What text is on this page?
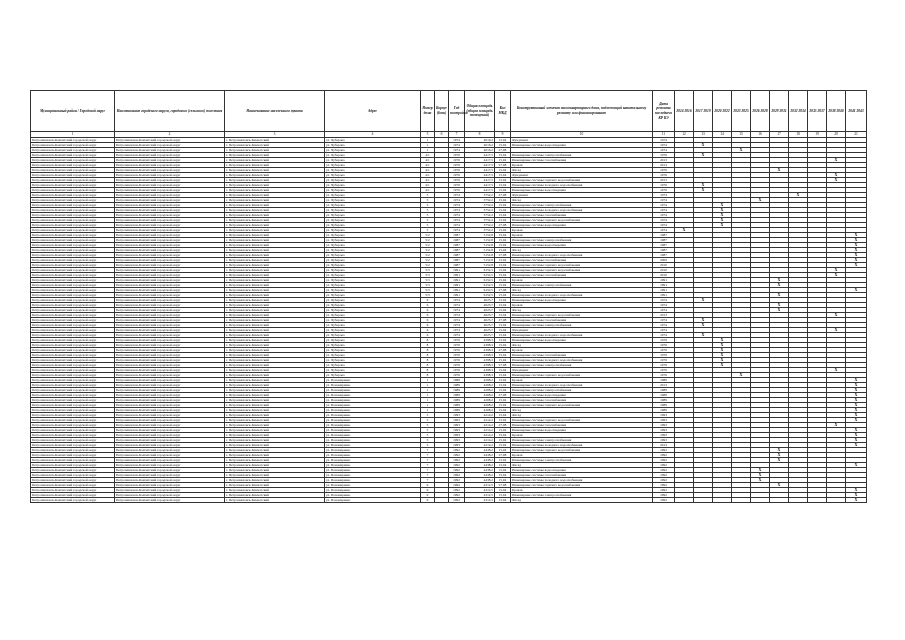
Муниципальный район / Городской округ	Наименование городского округа, городского (сельского) поселения	Наименование населенного пункта	Адрес	Номер дома	Корпус (блок)	Год постройки	Общая площадь (общая площадь помещений)	Кол МКД	Конструктивный элемент многоквартирного дома, подлежащий капитальному ремонту или финансированию	Дата ремонта последнего КР КЭ	2014 2016	2017 2019	2020 2022	2023 2025	2026 2028	2029 2031	2032 2034	2035 2037	2038 2040	2041 2043
1	2	3	4	5	6	7	8	9	10	11	12	13	14	15	16	17	18	19	20	21
Петропавловск-Камчатский городской округ	Петропавловск-Камчатский городской округ	г. Петропавловск-Камчатский	ул. Чубарова	1		1974	4016,2	15,04	Фундамент	1974										
Петропавловск-Камчатский городской округ	Петропавловск-Камчатский городской округ	г. Петропавловск-Камчатский	ул. Чубарова	1		1974	4016,2	15,04	Инженерные системы водоотведения	1974		X								
Петропавловск-Камчатский городской округ	Петропавловск-Камчатский городской округ	г. Петропавловск-Камчатский	ул. Чубарова	1		1974	4016,2	27,08		1974				X						
Петропавловск-Камчатский городской округ	Петропавловск-Камчатский городской округ	г. Петропавловск-Камчатский	ул. Чубарова	4/1		1976	4417,5	15,04	Инженерные системы электроснабжения	1976		X								
Петропавловск-Камчатский городской округ	Петропавловск-Камчатский городской округ	г. Петропавловск-Камчатский	ул. Чубарова	4/1		1976	4417,5	15,04	Инженерные системы газоснабжения	2013									X	
Петропавловск-Камчатский городской округ	Петропавловск-Камчатский городской округ	г. Петропавловск-Камчатский	ул. Чубарова	4/1		1976	4417,5	27,08	Кровля	2013										
Петропавловск-Камчатский городской округ	Петропавловск-Камчатский городской округ	г. Петропавловск-Камчатский	ул. Чубарова	4/1		1976	4417,5	15,04	Фасад	1976						X				
Петропавловск-Камчатский городской округ	Петропавловск-Камчатский городской округ	г. Петропавловск-Камчатский	ул. Чубарова	4/1		1976	4417,5	15,04	Фундамент	1976									X	
Петропавловск-Камчатский городской округ	Петропавловск-Камчатский городской округ	г. Петропавловск-Камчатский	ул. Чубарова	4/1		1976	4417,5	15,04	Инженерные системы горячего водоснабжения	2013									X	
Петропавловск-Камчатский городской округ	Петропавловск-Камчатский городской округ	г. Петропавловск-Камчатский	ул. Чубарова	4/1		1976	4417,5	15,04	Инженерные системы холодного водоснабжения	1976		X								
Петропавловск-Камчатский городской округ	Петропавловск-Камчатский городской округ	г. Петропавловск-Камчатский	ул. Чубарова	4/1		1976	4417,5	15,04	Инженерные системы водоотведения	1976		X								
Петропавловск-Камчатский городской округ	Петропавловск-Камчатский городской округ	г. Петропавловск-Камчатский	ул. Чубарова	5		1974	3752,2	27,08	Фундамент	1974							X			
Петропавловск-Камчатский городской округ	Петропавловск-Камчатский городской округ	г. Петропавловск-Камчатский	ул. Чубарова	5		1974	3752,2	15,04	Фасад	1974					X					
Петропавловск-Камчатский городской округ	Петропавловск-Камчатский городской округ	г. Петропавловск-Камчатский	ул. Чубарова	5		1974	3752,2	15,04	Инженерные системы электроснабжения	1974			X							
Петропавловск-Камчатский городской округ	Петропавловск-Камчатский городской округ	г. Петропавловск-Камчатский	ул. Чубарова	5		1974	3752,2	15,04	Инженерные системы холодного водоснабжения	1974			X							
Петропавловск-Камчатский городской округ	Петропавловск-Камчатский городской округ	г. Петропавловск-Камчатский	ул. Чубарова	5		1974	3752,2	15,04	Инженерные системы газоснабжения	1974			X							
Петропавловск-Камчатский городской округ	Петропавловск-Камчатский городской округ	г. Петропавловск-Камчатский	ул. Чубарова	5		1974	3752,2	15,04	Инженерные системы горячего водоснабжения	1974			X							
Петропавловск-Камчатский городской округ	Петропавловск-Камчатский городской округ	г. Петропавловск-Камчатский	ул. Чубарова	5		1974	3752,2	27,08	Инженерные системы водоотведения	1974			X							
Петропавловск-Камчатский городской округ	Петропавловск-Камчатский городской округ	г. Петропавловск-Камчатский	ул. Чубарова	5		1974	3752,2	15,04	Кровля	1974	X									
Петропавловск-Камчатский городской округ	Петропавловск-Камчатский городской округ	г. Петропавловск-Камчатский	ул. Чубарова	5/2		1987	5152,8	15,04	Кровля	1987										X
Петропавловск-Камчатский городской округ	Петропавловск-Камчатский городской округ	г. Петропавловск-Камчатский	ул. Чубарова	5/2		1987	5152,8	15,04	Инженерные системы электроснабжения	1987										X
Петропавловск-Камчатский городской округ	Петропавловск-Камчатский городской округ	г. Петропавловск-Камчатский	ул. Чубарова	5/2		1987	5152,8	15,04	Инженерные системы водоотведения	1987										X
Петропавловск-Камчатский городской округ	Петропавловск-Камчатский городской округ	г. Петропавловск-Камчатский	ул. Чубарова	5/2		1987	5152,8	15,04	Фасад	1987										X
Петропавловск-Камчатский городской округ	Петропавловск-Камчатский городской округ	г. Петропавловск-Камчатский	ул. Чубарова	5/2		1987	5152,8	27,08	Инженерные системы холодного водоснабжения	1987										X
Петропавловск-Камчатский городской округ	Петропавловск-Камчатский городской округ	г. Петропавловск-Камчатский	ул. Чубарова	5/2		1987	5152,8	15,04	Инженерные системы газоснабжения	2009										X
Петропавловск-Камчатский городской округ	Петропавловск-Камчатский городской округ	г. Петропавловск-Камчатский	ул. Чубарова	5/2		1987	5152,8	15,04	Инженерные системы горячего водоснабжения	2010										X
Петропавловск-Камчатский городской округ	Петропавловск-Камчатский городской округ	г. Петропавловск-Камчатский	ул. Чубарова	5/3		1991	6152,5	15,04	Инженерные системы горячего водоснабжения	2010									X	
Петропавловск-Камчатский городской округ	Петропавловск-Камчатский городской округ	г. Петропавловск-Камчатский	ул. Чубарова	5/3		1991	6152,5	15,04	Инженерные системы газоснабжения	2010									X	
Петропавловск-Камчатский городской округ	Петропавловск-Камчатский городской округ	г. Петропавловск-Камчатский	ул. Чубарова	5/3		1991	6152,5	15,04	Кровля	1991						X				
Петропавловск-Камчатский городской округ	Петропавловск-Камчатский городской округ	г. Петропавловск-Камчатский	ул. Чубарова	5/3		1991	6152,5	15,04	Инженерные системы электроснабжения	1991						X				
Петропавловск-Камчатский городской округ	Петропавловск-Камчатский городской округ	г. Петропавловск-Камчатский	ул. Чубарова	5/3		1991	6152,5	27,08	Фасад	1991										X
Петропавловск-Камчатский городской округ	Петропавловск-Камчатский городской округ	г. Петропавловск-Камчатский	ул. Чубарова	5/3		1991	6152,5	15,04	Инженерные системы холодного водоснабжения	1991						X				
Петропавловск-Камчатский городской округ	Петропавловск-Камчатский городской округ	г. Петропавловск-Камчатский	ул. Чубарова	6		1974	4025,7	15,04	Инженерные системы водоотведения	1974		X								
Петропавловск-Камчатский городской округ	Петропавловск-Камчатский городской округ	г. Петропавловск-Камчатский	ул. Чубарова	6		1974	4025,7	15,04	Кровля	1974						X				
Петропавловск-Камчатский городской округ	Петропавловск-Камчатский городской округ	г. Петропавловск-Камчатский	ул. Чубарова	6		1974	4025,7	15,04	Фасад	1974						X				
Петропавловск-Камчатский городской округ	Петропавловск-Камчатский городской округ	г. Петропавловск-Камчатский	ул. Чубарова	6		1974	4025,7	15,04	Инженерные системы горячего водоснабжения	2013									X	
Петропавловск-Камчатский городской округ	Петропавловск-Камчатский городской округ	г. Петропавловск-Камчатский	ул. Чубарова	6		1974	4025,7	27,08	Инженерные системы газоснабжения	1974		X								
Петропавловск-Камчатский городской округ	Петропавловск-Камчатский городской округ	г. Петропавловск-Камчатский	ул. Чубарова	6		1974	4025,7	15,04	Инженерные системы электроснабжения	1974		X								
Петропавловск-Камчатский городской округ	Петропавловск-Камчатский городской округ	г. Петропавловск-Камчатский	ул. Чубарова	6		1974	4025,7	15,04	Фундамент	1974									X	
Петропавловск-Камчатский городской округ	Петропавловск-Камчатский городской округ	г. Петропавловск-Камчатский	ул. Чубарова	6		1974	4025,7	15,04	Инженерные системы холодного водоснабжения	1974		X								
Петропавловск-Камчатский городской округ	Петропавловск-Камчатский городской округ	г. Петропавловск-Камчатский	ул. Чубарова	8		1976	4398,3	15,04	Инженерные системы водоотведения	1976			X							
Петропавловск-Камчатский городской округ	Петропавловск-Камчатский городской округ	г. Петропавловск-Камчатский	ул. Чубарова	8		1976	4398,3	15,04	Фасад	1976			X							
Петропавловск-Камчатский городской округ	Петропавловск-Камчатский городской округ	г. Петропавловск-Камчатский	ул. Чубарова	8		1976	4398,3	27,08	Кровля	1976			X							
Петропавловск-Камчатский городской округ	Петропавловск-Камчатский городской округ	г. Петропавловск-Камчатский	ул. Чубарова	8		1976	4398,3	15,04	Инженерные системы газоснабжения	1976			X							
Петропавловск-Камчатский городской округ	Петропавловск-Камчатский городской округ	г. Петропавловск-Камчатский	ул. Чубарова	8		1976	4398,3	15,04	Инженерные системы холодного водоснабжения	1976			X							
Петропавловск-Камчатский городской округ	Петропавловск-Камчатский городской округ	г. Петропавловск-Камчатский	ул. Чубарова	8		1976	4398,3	27,08	Инженерные системы электроснабжения	1976			X							
Петропавловск-Камчатский городской округ	Петропавловск-Камчатский городской округ	г. Петропавловск-Камчатский	ул. Чубарова	8		1976	4398,3	15,04	Фундамент	1976									X	
Петропавловск-Камчатский городской округ	Петропавловск-Камчатский городской округ	г. Петропавловск-Камчатский	ул. Чубарова	8		1976	4398,3	15,04	Инженерные системы горячего водоснабжения	1976				X						
Петропавловск-Камчатский городской округ	Петропавловск-Камчатский городской округ	г. Петропавловск-Камчатский	ул. Пономаренко	1		1989	4268,2	15,04	Кровля	1989										X
Петропавловск-Камчатский городской округ	Петропавловск-Камчатский городской округ	г. Петропавловск-Камчатский	ул. Пономаренко	1		1989	4268,2	15,04	Инженерные системы холодного водоснабжения	2013										X
Петропавловск-Камчатский городской округ	Петропавловск-Камчатский городской округ	г. Петропавловск-Камчатский	ул. Пономаренко	1		1989	4268,2	15,04	Инженерные системы электроснабжения	1989										X
Петропавловск-Камчатский городской округ	Петропавловск-Камчатский городской округ	г. Петропавловск-Камчатский	ул. Пономаренко	1		1989	4268,2	27,08	Инженерные системы водоотведения	1989										X
Петропавловск-Камчатский городской округ	Петропавловск-Камчатский городской округ	г. Петропавловск-Камчатский	ул. Пономаренко	1		1989	4268,2	15,04	Инженерные системы газоснабжения	1989										X
Петропавловск-Камчатский городской округ	Петропавловск-Камчатский городской округ	г. Петропавловск-Камчатский	ул. Пономаренко	1		1989	4268,2	15,04	Инженерные системы горячего водоснабжения	1989										X
Петропавловск-Камчатский городской округ	Петропавловск-Камчатский городской округ	г. Петропавловск-Камчатский	ул. Пономаренко	1		1989	4268,2	15,04	Фасад	1989										X
Петропавловск-Камчатский городской округ	Петропавловск-Камчатский городской округ	г. Петропавловск-Камчатский	ул. Пономаренко	5		1993	4214,2	15,04	Фасад	1993										X
Петропавловск-Камчатский городской округ	Петропавловск-Камчатский городской округ	г. Петропавловск-Камчатский	ул. Пономаренко	5		1993	4214,2	15,04	Инженерные системы горячего водоснабжения	1993										X
Петропавловск-Камчатский городской округ	Петропавловск-Камчатский городской округ	г. Петропавловск-Камчатский	ул. Пономаренко	5		1993	4214,2	27,08	Инженерные системы газоснабжения	1993									X	
Петропавловск-Камчатский городской округ	Петропавловск-Камчатский городской округ	г. Петропавловск-Камчатский	ул. Пономаренко	5		1993	4214,2	15,04	Инженерные системы водоотведения	1993										X
Петропавловск-Камчатский городской округ	Петропавловск-Камчатский городской округ	г. Петропавловск-Камчатский	ул. Пономаренко	5		1993	4214,2	15,04	Кровля	1993										X
Петропавловск-Камчатский городской округ	Петропавловск-Камчатский городской округ	г. Петропавловск-Камчатский	ул. Пономаренко	5		1993	4214,2	15,04	Инженерные системы электроснабжения	1993										X
Петропавловск-Камчатский городской округ	Петропавловск-Камчатский городской округ	г. Петропавловск-Камчатский	ул. Пономаренко	5		1993	4214,2	15,04	Инженерные системы холодного водоснабжения	2013										X
Петропавловск-Камчатский городской округ	Петропавловск-Камчатский городской округ	г. Петропавловск-Камчатский	ул. Пономаренко	7		1992	4438,2	15,04	Инженерные системы горячего водоснабжения	1992						X				
Петропавловск-Камчатский городской округ	Петропавловск-Камчатский городской округ	г. Петропавловск-Камчатский	ул. Пономаренко	7		1992	4438,2	27,08	Кровля	1992						X				
Петропавловск-Камчатский городской округ	Петропавловск-Камчатский городской округ	г. Петропавловск-Камчатский	ул. Пономаренко	7		1992	4438,2	15,04	Инженерные системы электроснабжения	1992						X				
Петропавловск-Камчатский городской округ	Петропавловск-Камчатский городской округ	г. Петропавловск-Камчатский	ул. Пономаренко	7		1992	4438,2	15,04	Фасад	1992										X
Петропавловск-Камчатский городской округ	Петропавловск-Камчатский городской округ	г. Петропавловск-Камчатский	ул. Пономаренко	7		1992	4438,2	15,04	Инженерные системы водоотведения	1992					X					
Петропавловск-Камчатский городской округ	Петропавловск-Камчатский городской округ	г. Петропавловск-Камчатский	ул. Пономаренко	7		1992	4438,2	15,04	Инженерные системы газоснабжения	1992					X					
Петропавловск-Камчатский городской округ	Петропавловск-Камчатский городской округ	г. Петропавловск-Камчатский	ул. Пономаренко	7		1992	4438,2	15,04	Инженерные системы холодного водоснабжения	1992					X					
Петропавловск-Камчатский городской округ	Петропавловск-Камчатский городской округ	г. Петропавловск-Камчатский	ул. Пономаренко	9		1992	4312,5	27,08	Инженерные системы горячего водоснабжения	1992						X				
Петропавловск-Камчатский городской округ	Петропавловск-Камчатский городской округ	г. Петропавловск-Камчатский	ул. Пономаренко	9		1992	4312,5	15,04	Кровля	1992										X
Петропавловск-Камчатский городской округ	Петропавловск-Камчатский городской округ	г. Петропавловск-Камчатский	ул. Пономаренко	9		1992	4312,5	15,04	Инженерные системы электроснабжения	1992										X
Петропавловск-Камчатский городской округ	Петропавловск-Камчатский городской округ	г. Петропавловск-Камчатский	ул. Пономаренко	9		1992	4312,5	15,04	Фасад	1992										X
